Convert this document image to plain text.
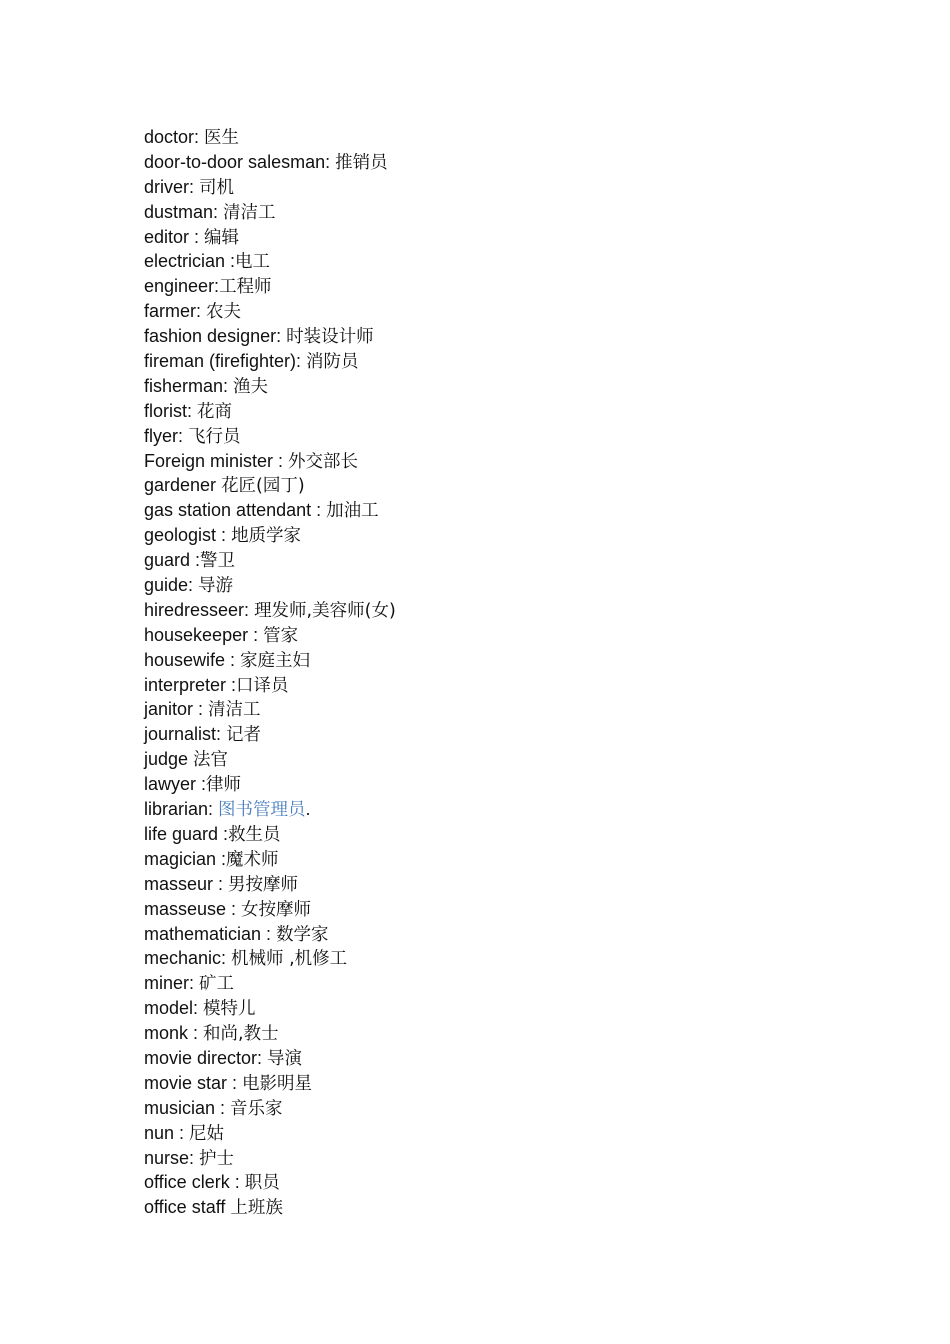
doctor: 医生
door-to-door salesman: 推销员
driver: 司机
dustman: 清洁工
editor : 编辑
electrician :电工
engineer:工程师
farmer: 农夫
fashion designer: 时装设计师
fireman (firefighter): 消防员
fisherman: 渔夫
florist: 花商
flyer: 飞行员
Foreign minister : 外交部长
gardener 花匠(园丁)
gas station attendant : 加油工
geologist : 地质学家
guard :警卫
guide: 导游
hiredresseer: 理发师,美容师(女)
housekeeper : 管家
housewife : 家庭主妇
interpreter :口译员
janitor : 清洁工
journalist: 记者
judge 法官
lawyer :律师
librarian: 图书管理员.
life guard :救生员
magician :魔术师
masseur : 男按摩师
masseuse : 女按摩师
mathematician : 数学家
mechanic: 机械师 ,机修工
miner: 矿工
model: 模特儿
monk : 和尚,教士
movie director: 导演
movie star : 电影明星
musician : 音乐家
nun : 尼姑
nurse: 护士
office clerk : 职员
office staff 上班族
